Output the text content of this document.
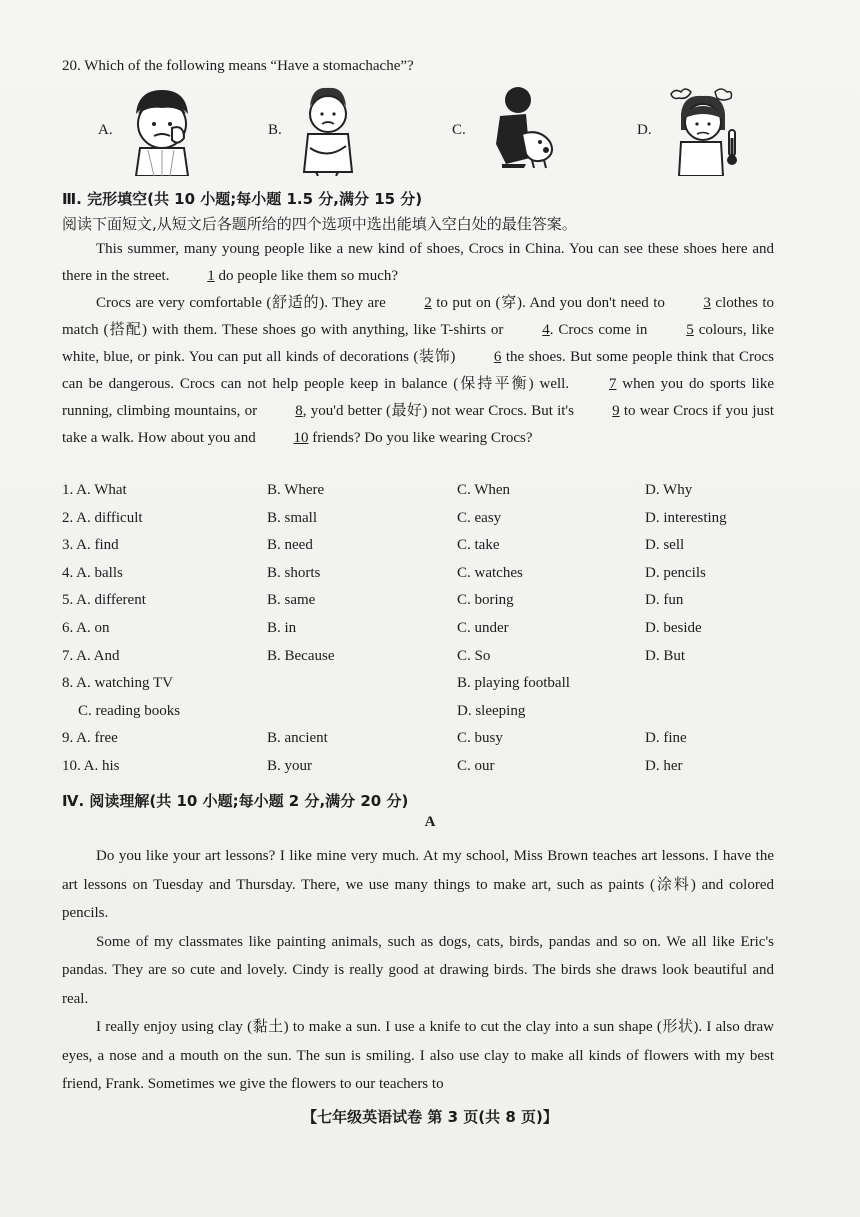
20. Which of the following means “Have a stomachache”?
A.	B.	C.	D.
Ⅲ. 完形填空(共 10 小题;每小题 1.5 分,满分 15 分)
阅读下面短文,从短文后各题所给的四个选项中选出能填入空白处的最佳答案。

This summer, many young people like a new kind of shoes, Crocs in China. You can see these shoes here and there in the street.	1 do people like them so much?

Crocs are very comfortable (舒适的). They are	2 to put on (穿). And you don't need to	3 clothes to match (搭配) with them. These shoes go with anything, like T-shirts or	4. Crocs come in	5 colours, like white, blue, or pink. You can put all kinds of decorations (装饰)	6 the shoes. But some people think that Crocs can be dangerous. Crocs can not help people keep in balance (保持平衡) well.	7 when you do sports like running, climbing mountains, or	8, you'd better (最好) not wear Crocs. But it's	9 to wear Crocs if you just take a walk. How about you and	10 friends? Do you like wearing Crocs?

1. A. What	B. Where	C. When	D. Why
2. A. difficult	B. small	C. easy	D. interesting
3. A. find	B. need	C. take	D. sell
4. A. balls	B. shorts	C. watches	D. pencils
5. A. different	B. same	C. boring	D. fun
6. A. on	B. in	C. under	D. beside
7. A. And	B. Because	C. So	D. But
8. A. watching TV	B. playing football
C. reading books	D. sleeping
9. A. free	B. ancient	C. busy	D. fine
10. A. his	B. your	C. our	D. her
Ⅳ. 阅读理解(共 10 小题;每小题 2 分,满分 20 分)
A

Do you like your art lessons? I like mine very much. At my school, Miss Brown teaches art lessons. I have the art lessons on Tuesday and Thursday. There, we use many things to make art, such as paints (涂料) and colored pencils.

Some of my classmates like painting animals, such as dogs, cats, birds, pandas and so on. We all like Eric's pandas. They are so cute and lovely. Cindy is really good at drawing birds. The birds she draws look beautiful and real.

I really enjoy using clay (黏土) to make a sun. I use a knife to cut the clay into a sun shape (形状). I also draw eyes, a nose and a mouth on the sun. The sun is smiling. I also use clay to make all kinds of flowers with my best friend, Frank. Sometimes we give the flowers to our teachers to

【七年级英语试卷 第 3 页(共 8 页)】
